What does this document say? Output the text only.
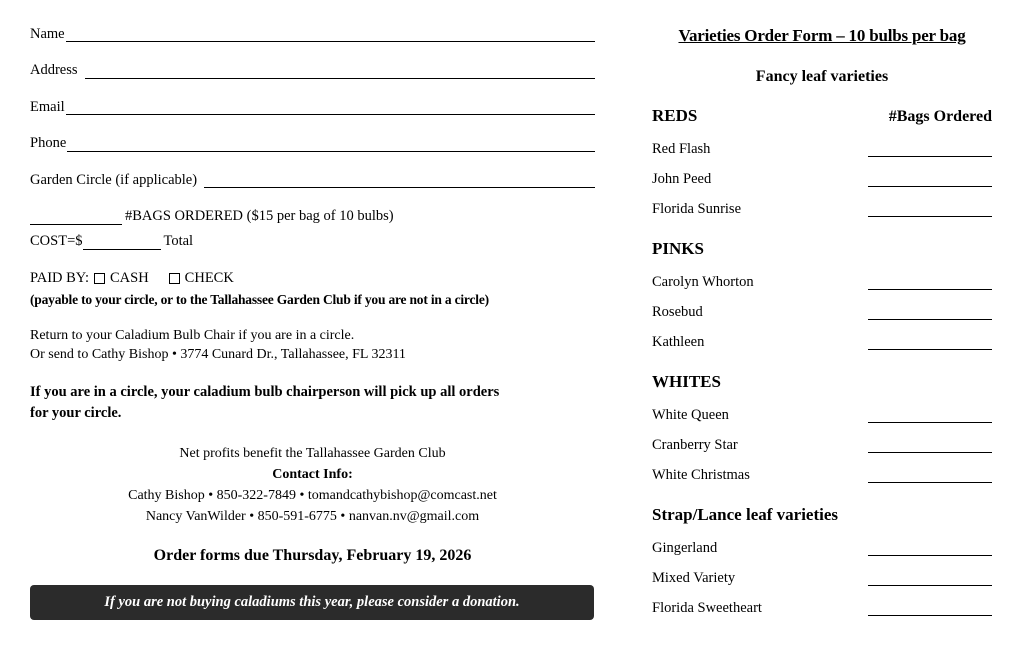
Name
Address
Email
Phone
Garden Circle (if applicable)
#BAGS ORDERED ($15 per bag of 10 bulbs)
COST=$	Total
PAID BY: CASH CHECK
(payable to your circle, or to the Tallahassee Garden Club if you are not in a circle)
Return to your Caladium Bulb Chair if you are in a circle.
Or send to Cathy Bishop • 3774 Cunard Dr., Tallahassee, FL 32311
If you are in a circle, your caladium bulb chairperson will pick up all orders
for your circle.
Net profits benefit the Tallahassee Garden Club
Contact Info:
Cathy Bishop • 850-322-7849 • tomandcathybishop@comcast.net
Nancy VanWilder • 850-591-6775 • nanvan.nv@gmail.com
Order forms due Thursday, February 19, 2026
If you are not buying caladiums this year, please consider a donation.
Varieties Order Form – 10 bulbs per bag
Fancy leaf varieties
REDS	#Bags Ordered
Red Flash
John Peed
Florida Sunrise
PINKS
Carolyn Whorton
Rosebud
Kathleen
WHITES
White Queen
Cranberry Star
White Christmas
Strap/Lance leaf varieties
Gingerland
Mixed Variety
Florida Sweetheart
